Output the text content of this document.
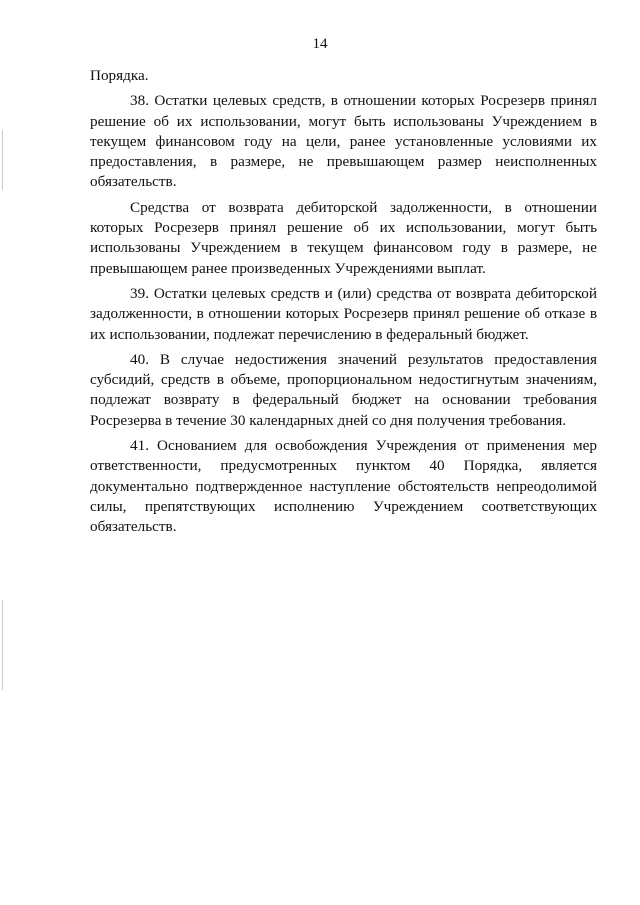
14

Порядка.

38. Остатки целевых средств, в отношении которых Росрезерв принял решение об их использовании, могут быть использованы Учреждением в текущем финансовом году на цели, ранее установленные условиями их предоставления, в размере, не превышающем размер неисполненных обязательств.

Средства от возврата дебиторской задолженности, в отношении которых Росрезерв принял решение об их использовании, могут быть использованы Учреждением в текущем финансовом году в размере, не превышающем ранее произведенных Учреждениями выплат.

39. Остатки целевых средств и (или) средства от возврата дебиторской задолженности, в отношении которых Росрезерв принял решение об отказе в их использовании, подлежат перечислению в федеральный бюджет.

40. В случае недостижения значений результатов предоставления субсидий, средств в объеме, пропорциональном недостигнутым значениям, подлежат возврату в федеральный бюджет на основании требования Росрезерва в течение 30 календарных дней со дня получения требования.

41. Основанием для освобождения Учреждения от применения мер ответственности, предусмотренных пунктом 40 Порядка, является документально подтвержденное наступление обстоятельств непреодолимой силы, препятствующих исполнению Учреждением соответствующих обязательств.
